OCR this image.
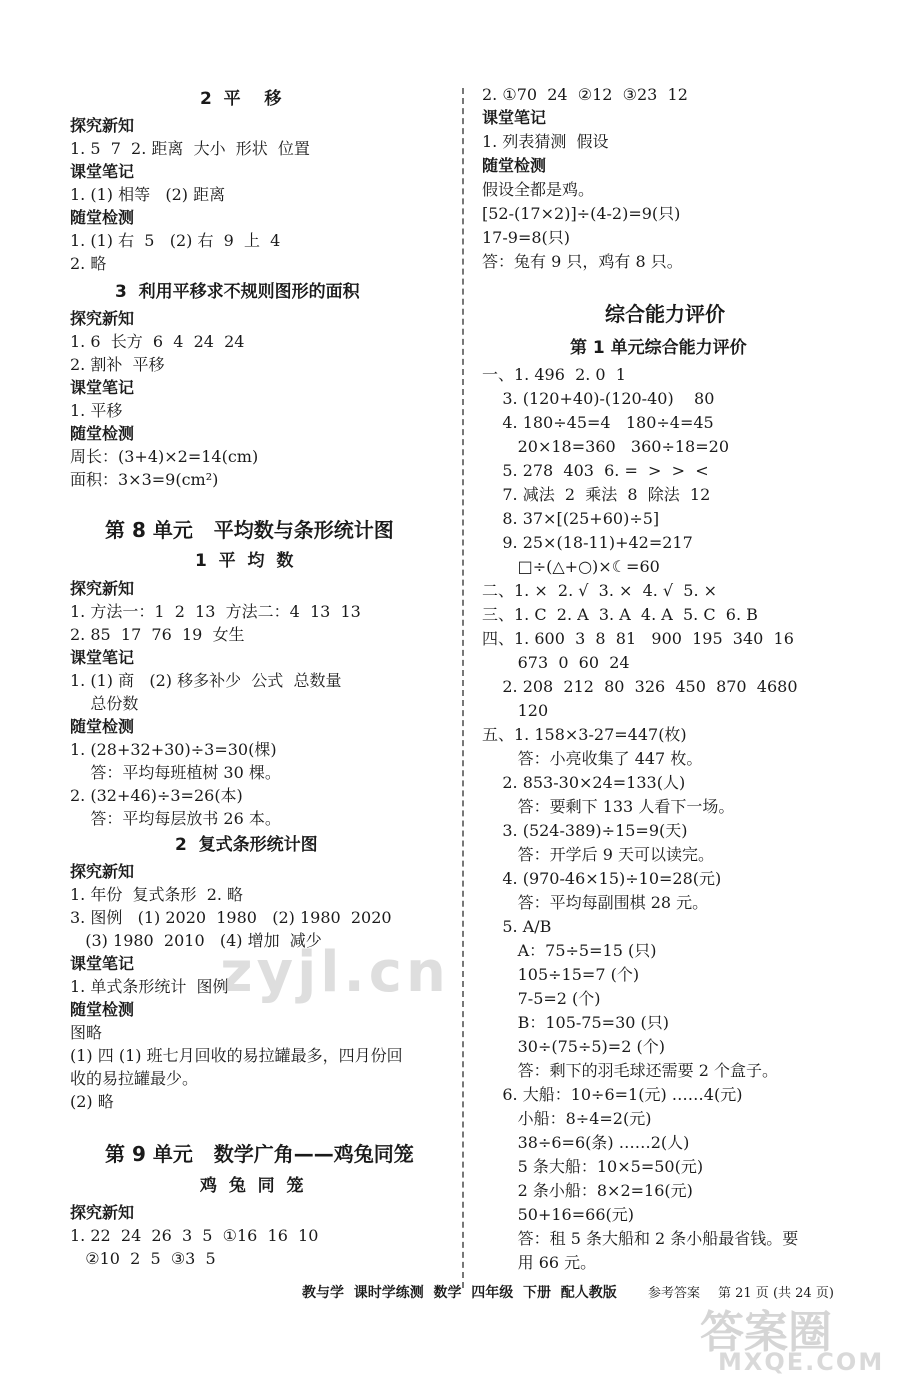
2  平    移
探究新知
1. 5  7  2. 距离  大小  形状  位置
课堂笔记
1. (1) 相等   (2) 距离
随堂检测
1. (1) 右  5   (2) 右  9  上  4
2. 略
3  利用平移求不规则图形的面积
探究新知
1. 6  长方  6  4  24  24
2. 割补  平移
课堂笔记
1. 平移
随堂检测
周长：(3+4)×2=14(cm)
面积：3×3=9(cm²)
第 8 单元   平均数与条形统计图
1  平  均  数
探究新知
1. 方法一：1  2  13  方法二：4  13  13
2. 85  17  76  19  女生
课堂笔记
1. (1) 商   (2) 移多补少  公式  总数量
总份数
随堂检测
1. (28+32+30)÷3=30(棵)
答：平均每班植树 30 棵。
2. (32+46)÷3=26(本)
答：平均每层放书 26 本。
2  复式条形统计图
探究新知
1. 年份  复式条形  2. 略
3. 图例   (1) 2020  1980   (2) 1980  2020
(3) 1980  2010   (4) 增加  减少
课堂笔记
1. 单式条形统计  图例
随堂检测
图略
(1) 四 (1) 班七月回收的易拉罐最多，四月份回
收的易拉罐最少。
(2) 略
第 9 单元   数学广角——鸡兔同笼
鸡  兔  同  笼
探究新知
1. 22  24  26  3  5  ①16  16  10
②10  2  5  ③3  5
2. ①70  24  ②12  ③23  12
课堂笔记
1. 列表猜测  假设
随堂检测
假设全都是鸡。
[52-(17×2)]÷(4-2)=9(只)
17-9=8(只)
答：兔有 9 只，鸡有 8 只。
综合能力评价
第 1 单元综合能力评价
一、1. 496  2. 0  1
3. (120+40)-(120-40)    80
4. 180÷45=4   180÷4=45
20×18=360   360÷18=20
5. 278  403  6. =  >  >  <
7. 减法  2  乘法  8  除法  12
8. 37×[(25+60)÷5]
9. 25×(18-11)+42=217
□÷(△+○)×☾=60
二、1. ×  2. √  3. ×  4. √  5. ×
三、1. C  2. A  3. A  4. A  5. C  6. B
四、1. 600  3  8  81   900  195  340  16
673  0  60  24
2. 208  212  80  326  450  870  4680
120
五、1. 158×3-27=447(枚)
答：小亮收集了 447 枚。
2. 853-30×24=133(人)
答：要剩下 133 人看下一场。
3. (524-389)÷15=9(天)
答：开学后 9 天可以读完。
4. (970-46×15)÷10=28(元)
答：平均每副围棋 28 元。
5. A/B
A：75÷5=15 (只)
105÷15=7 (个)
7-5=2 (个)
B：105-75=30 (只)
30÷(75÷5)=2 (个)
答：剩下的羽毛球还需要 2 个盒子。
6. 大船：10÷6=1(元) ……4(元)
小船：8÷4=2(元)
38÷6=6(条) ……2(人)
5 条大船：10×5=50(元)
2 条小船：8×2=16(元)
50+16=66(元)
答：租 5 条大船和 2 条小船最省钱。要
用 66 元。
教与学  课时学练测  数学  四年级  下册  配人教版 参考答案 第 21 页 (共 24 页)
zyjl.cn
答案圈
MXQE.COM
